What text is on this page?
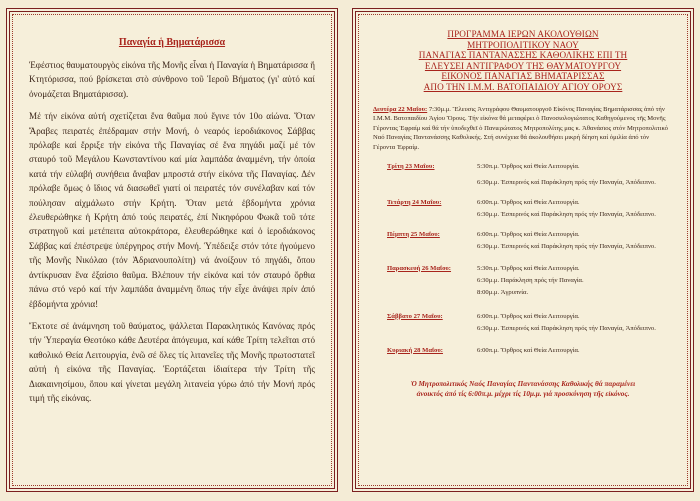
Παναγία ἡ Βηματάρισσα

Ἐφέστιος θαυματουργὸς εἰκόνα τῆς Μονῆς εἶναι ἡ Παναγία ἡ Βηματάρισσα ἤ Κτητόρισσα, πού βρίσκεται στὸ σύνθρονο τοῦ Ἱεροῦ Βήματος (γι' αὐτό καί ὀνομάζεται Βηματάρισσα).

Μέ τήν εἰκόνα αὐτή σχετίζεται ἕνα θαῦμα πού ἔγινε τόν 10ο αἰώνα. Ὅταν Ἄραβες πειρατές ἐπέδραμαν στήν Μονή, ὁ νεαρός ἱεροδιάκονος Σάββας πρόλαβε καί ἔρριξε τήν εἰκόνα τῆς Παναγίας σέ ἕνα πηγάδι μαζί μέ τόν σταυρό τοῦ Μεγάλου Κωνσταντίνου καί μία λαμπάδα ἀναμμένη, τήν ὁποία κατά τήν εὐλαβή συνήθεια ἄναβαν μπροστά στήν εἰκόνα τῆς Παναγίας. Δέν πρόλαβε ὅμως ὁ ἴδιος νά διασωθεῖ γιατί οἱ πειρατές τόν συνέλαβαν καί τόν πούλησαν αἰχμάλωτο στήν Κρήτη. Ὅταν μετά ἑβδομήντα χρόνια ἐλευθερώθηκε ἡ Κρήτη ἀπό τούς πειρατές, ἐπί Νικηφόρου Φωκᾶ τοῦ τότε στρατηγοῦ καί μετέπειτα αὐτοκράτορα, ἐλευθερώθηκε καί ὁ ἱεροδιάκονος Σάββας καί ἐπέστρεψε ὑπέργηρος στήν Μονή. Ὑπέδειξε στόν τότε ἡγούμενο τῆς Μονῆς Νικόλαο (τόν Ἀδριανουπολίτη) νά ἀνοίξουν τό πηγάδι, ὅπου ἀντίκρυσαν ἕνα ἐξαίσιο θαῦμα. Βλέπουν τήν εἰκόνα καί τόν σταυρό ὄρθια πάνω στό νερό καί τήν λαμπάδα ἀναμμένη ὅπως τήν εἶχε ἀνάψει πρίν ἀπό ἑβδομήντα χρόνια!

Ἕκτοτε σέ ἀνάμνηση τοῦ θαύματος, ψάλλεται Παρακλητικός Κανόνας πρός τήν Ὑπεραγία Θεοτόκο κάθε Δευτέρα ἀπόγευμα, καί κάθε Τρίτη τελεῖται στό καθολικό Θεία Λειτουργία, ἐνῶ σέ ὅλες τίς λιτανεῖες τῆς Μονῆς πρωτοστατεῖ αὐτή ἡ εἰκόνα τῆς Παναγίας. Ἑορτάζεται ἰδιαίτερα τήν Τρίτη τῆς Διακαινησίμου, ὅπου καί γίνεται μεγάλη λιτανεία γύρω ἀπό τήν Μονή πρός τιμή τῆς εἰκόνας.

ΠΡΟΓΡΑΜΜΑ ΙΕΡΩΝ ΑΚΟΛΟΥΘΙΩΝ
ΜΗΤΡΟΠΟΛΙΤΙΚΟΥ ΝΑΟΥ
ΠΑΝΑΓΙΑΣ ΠΑΝΤΑΝΑΣΣΗΣ ΚΑΘΟΛΙΚΗΣ ΕΠΙ ΤΗ
ΕΛΕΥΣΕΙ ΑΝΤΙΓΡΑΦΟΥ ΤΗΣ ΘΑΥΜΑΤΟΥΡΓΟΥ
ΕΙΚΟΝΟΣ ΠΑΝΑΓΙΑΣ ΒΗΜΑΤΑΡΙΣΣΑΣ
ΑΠΟ ΤΗΝ Ι.Μ.Μ. ΒΑΤΟΠΑΙΔΙΟΥ ΑΓΙΟΥ ΟΡΟΥΣ
Δευτέρα 22 Μαΐου: 7:30μ.μ. Ἔλευσις Ἀντιγράφου Θαυματουργοῦ Εἰκόνος Παναγίας Βηματάρισσας ἀπό τήν Ι.Μ.Μ. Βατοπαιδίου Ἁγίου Ὄρους. Τήν εἰκόνα θά μεταφέρει ὁ Πανοσιολογιώτατος Καθηγούμενος τῆς Μονῆς Γέροντας Ἐφραίμ καί θά τήν ὑποδεχθεῖ ὁ Πανιερώτατος Μητροπολίτης μας κ. Ἀθανάσιος στόν Μητροπολιτικό Ναό Παναγίας Παντανάσσης Καθολικής. Στή συνέχεια θά ἀκολουθήσει μικρή δέηση καί ὁμιλία ἀπό τόν Γέροντα Ἐφραίμ.
Τρίτη 23 Μαΐου:	5:30π.μ. Ὄρθρος καί Θεία Λειτουργία.
6:30μ.μ. Ἑσπερινός καί Παράκληση πρός τήν Παναγία, Ἀπόδειπνο.
Τετάρτη 24 Μαΐου:	6:00π.μ. Ὄρθρος καί Θεία Λειτουργία.
6:30μ.μ. Ἑσπερινός καί Παράκληση πρός τήν Παναγία, Ἀπόδειπνο.
Πέμπτη 25 Μαΐου:	6:00π.μ. Ὄρθρος καί Θεία Λειτουργία.
6:30μ.μ. Ἑσπερινός καί Παράκληση πρός τήν Παναγία, Ἀπόδειπνο.
Παρασκευή 26 Μαΐου:	5:30π.μ. Ὄρθρος καί Θεία Λειτουργία.
6:30μ.μ. Παράκληση πρός τήν Παναγία.
8:00μ.μ. Ἀγρυπνία.
Σάββατο 27 Μαΐου:	6:00π.μ. Ὄρθρος καί Θεία Λειτουργία.
6:30μ.μ. Ἑσπερινός καί Παράκληση πρός τήν Παναγία, Ἀπόδειπνο.
Κυριακή 28 Μαΐου:	6:00π.μ. Ὄρθρος καί Θεία Λειτουργία.
Ὁ Μητροπολιτικός Ναός Παναγίας Παντανάσσης Καθολικής θά παραμένει
ἀνοικτός ἀπό τίς 6:00π.μ. μέχρι τίς 10μ.μ. γιά προσκύνηση τῆς εἰκόνος.
